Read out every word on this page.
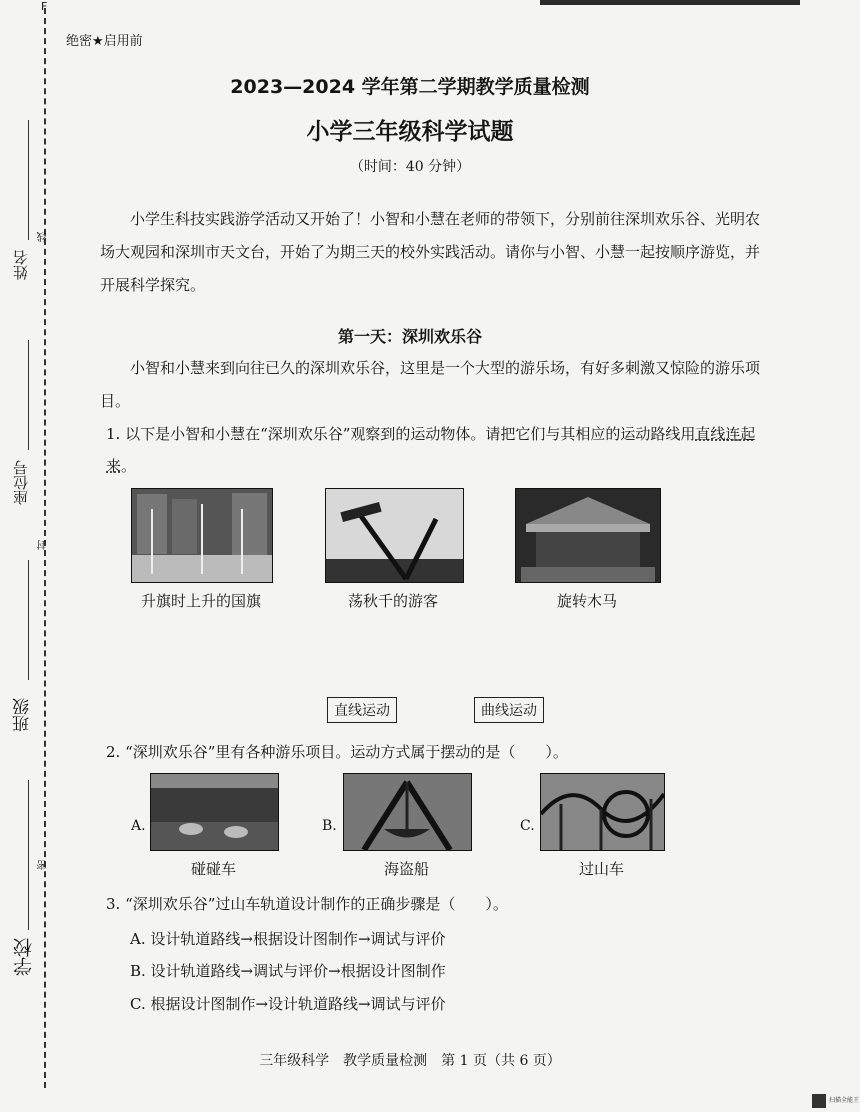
F
姓名
线
座位号
封
班级
密
学校
绝密★启用前
2023—2024 学年第二学期教学质量检测
小学三年级科学试题
（时间：40 分钟）
小学生科技实践游学活动又开始了！小智和小慧在老师的带领下，分别前往深圳欢乐谷、光明农场大观园和深圳市天文台，开始了为期三天的校外实践活动。请你与小智、小慧一起按顺序游览，并开展科学探究。
第一天：深圳欢乐谷
小智和小慧来到向往已久的深圳欢乐谷，这里是一个大型的游乐场，有好多刺激又惊险的游乐项目。
1. 以下是小智和小慧在“深圳欢乐谷”观察到的运动物体。请把它们与其相应的运动路线用直线连起来。
升旗时上升的国旗	荡秋千的游客	旋转木马
直线运动	曲线运动
2. “深圳欢乐谷”里有各种游乐项目。运动方式属于摆动的是（　　）。
A.
碰碰车
B.
海盗船
C.
过山车
3. “深圳欢乐谷”过山车轨道设计制作的正确步骤是（　　）。
A. 设计轨道路线→根据设计图制作→调试与评价
B. 设计轨道路线→调试与评价→根据设计图制作
C. 根据设计图制作→设计轨道路线→调试与评价
三年级科学　教学质量检测　第 1 页（共 6 页）
扫描全能王
